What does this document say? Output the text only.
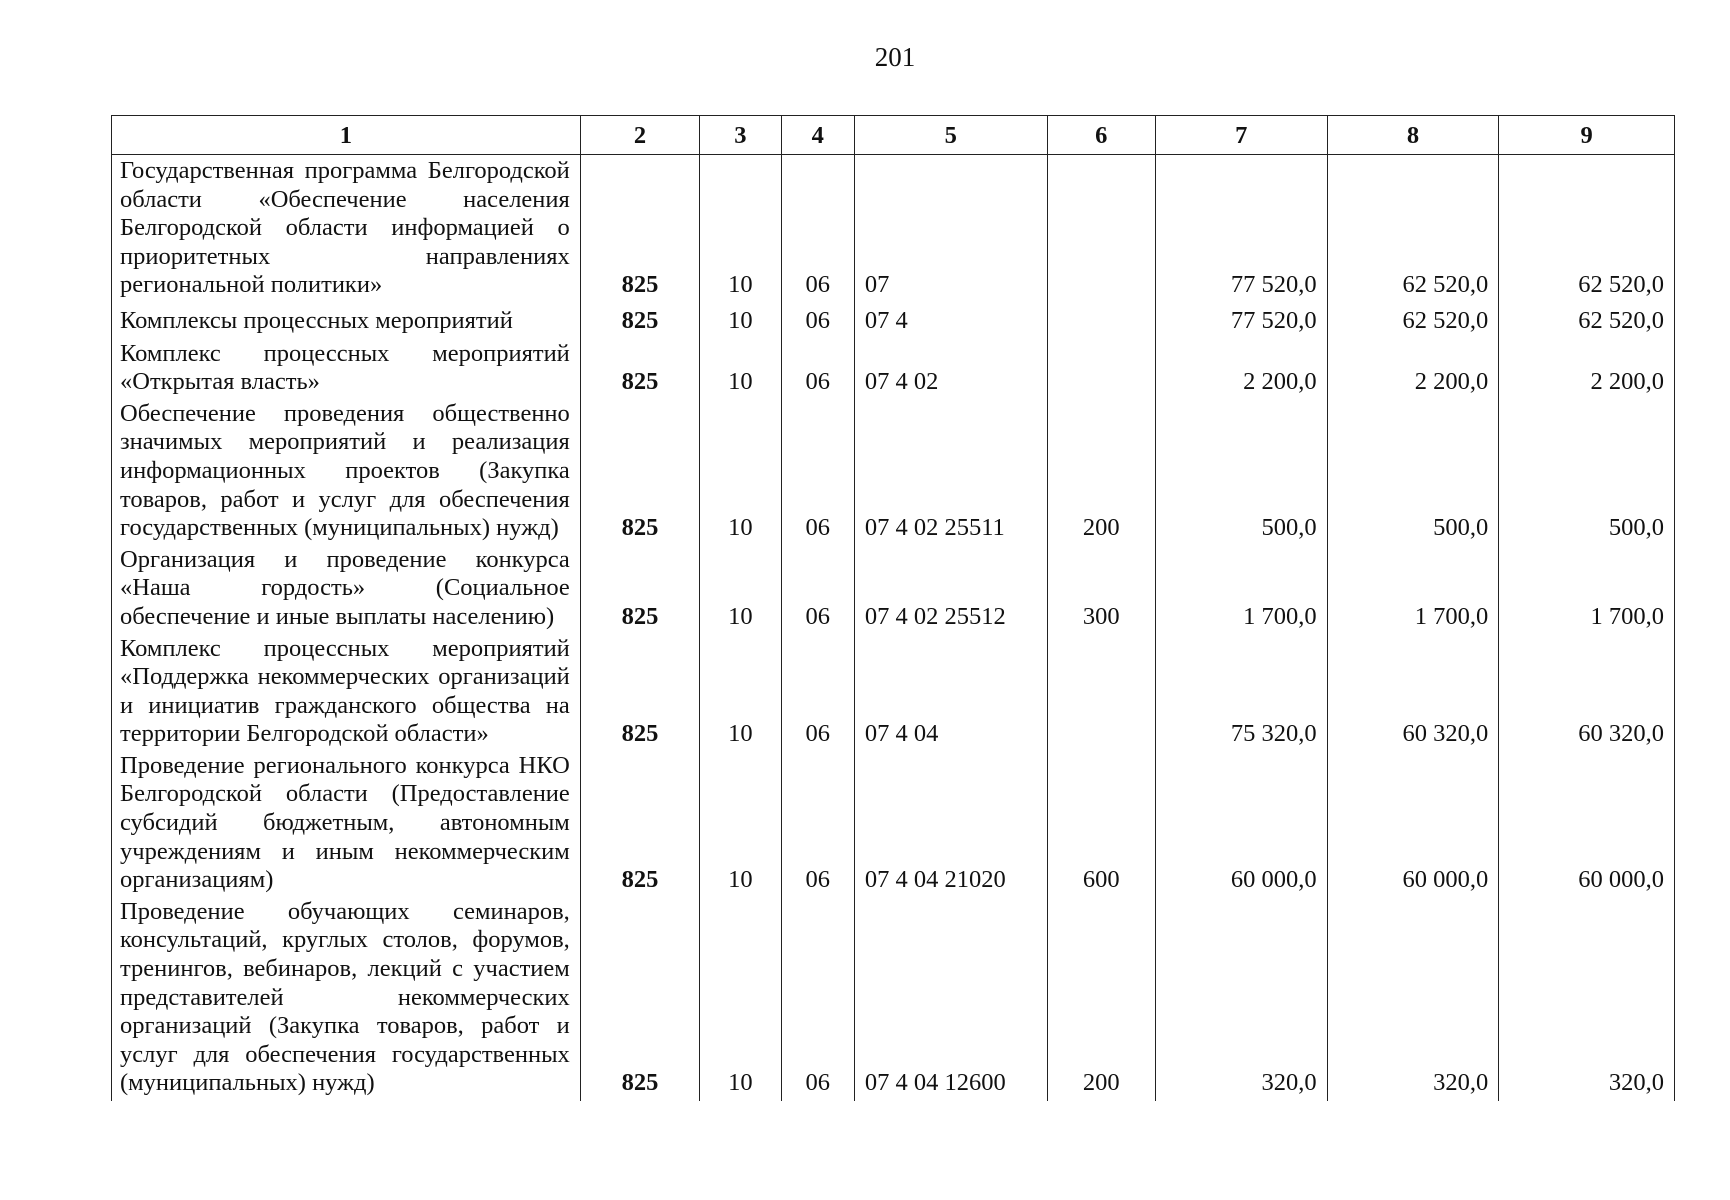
201
1	2	3	4	5	6	7	8	9
Государственная программа Белгородской области «Обеспечение населения Белгородской области информацией о приоритетных направлениях региональной политики»	825	10	06	07		77 520,0	62 520,0	62 520,0
Комплексы процессных мероприятий	825	10	06	07 4		77 520,0	62 520,0	62 520,0
Комплекс процессных мероприятий «Открытая власть»	825	10	06	07 4 02		2 200,0	2 200,0	2 200,0
Обеспечение проведения общественно значимых мероприятий и реализация информационных проектов (Закупка товаров, работ и услуг для обеспечения государственных (муниципальных) нужд)	825	10	06	07 4 02 25511	200	500,0	500,0	500,0
Организация и проведение конкурса «Наша гордость» (Социальное обеспечение и иные выплаты населению)	825	10	06	07 4 02 25512	300	1 700,0	1 700,0	1 700,0
Комплекс процессных мероприятий «Поддержка некоммерческих организаций и инициатив гражданского общества на территории Белгородской области»	825	10	06	07 4 04		75 320,0	60 320,0	60 320,0
Проведение регионального конкурса НКО Белгородской области (Предоставление субсидий бюджетным, автономным учреждениям и иным некоммерческим организациям)	825	10	06	07 4 04 21020	600	60 000,0	60 000,0	60 000,0
Проведение обучающих семинаров, консультаций, круглых столов, форумов, тренингов, вебинаров, лекций с участием представителей некоммерческих организаций (Закупка товаров, работ и услуг для обеспечения государственных (муниципальных) нужд)	825	10	06	07 4 04 12600	200	320,0	320,0	320,0
